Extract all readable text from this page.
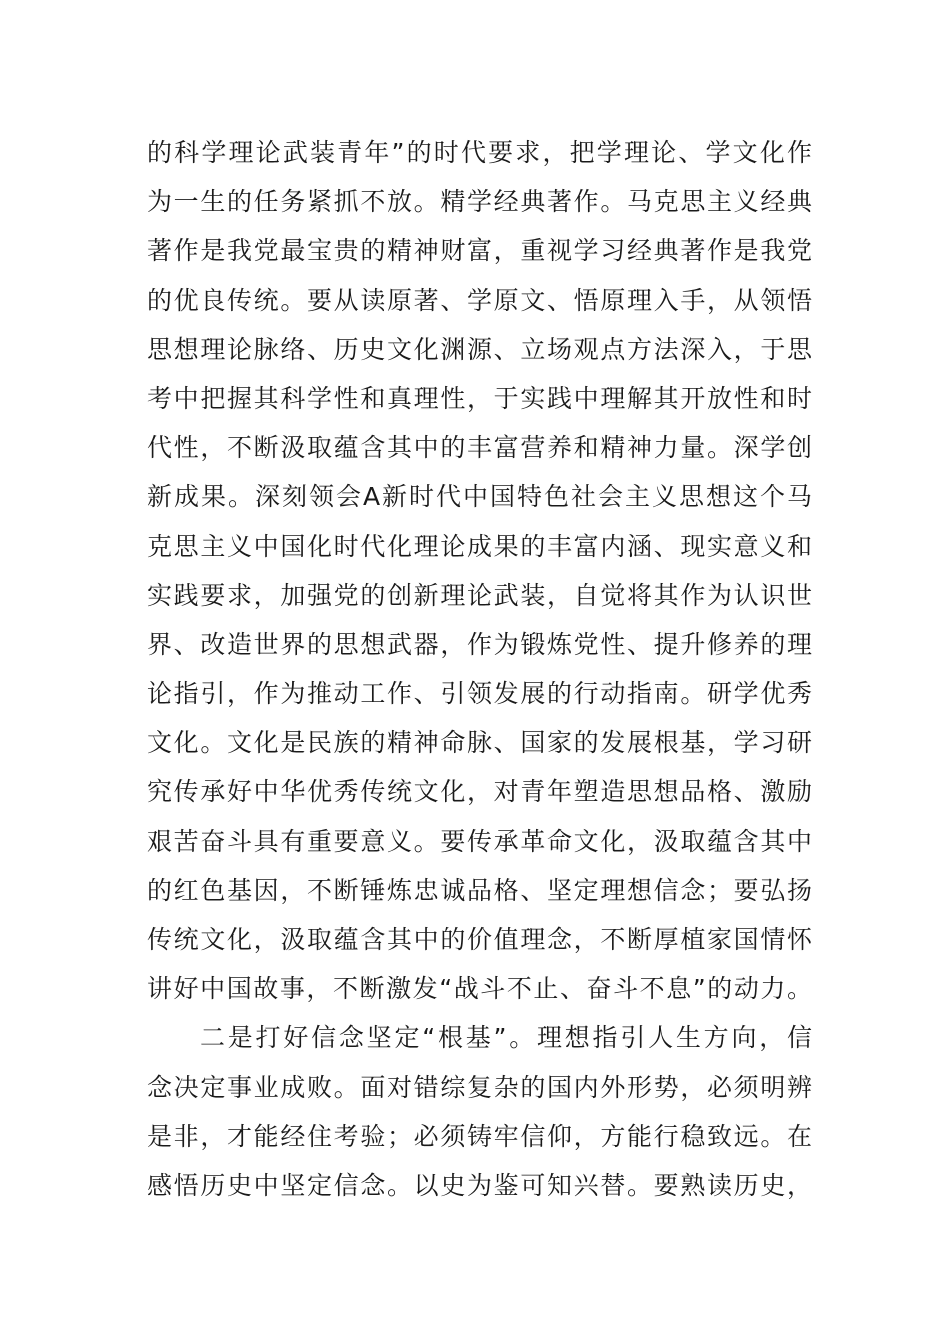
的科学理论武装青年”的时代要求，把学理论、学文化作
为一生的任务紧抓不放。精学经典著作。马克思主义经典
著作是我党最宝贵的精神财富，重视学习经典著作是我党
的优良传统。要从读原著、学原文、悟原理入手，从领悟
思想理论脉络、历史文化渊源、立场观点方法深入，于思
考中把握其科学性和真理性，于实践中理解其开放性和时
代性，不断汲取蕴含其中的丰富营养和精神力量。深学创
新成果。深刻领会A新时代中国特色社会主义思想这个马
克思主义中国化时代化理论成果的丰富内涵、现实意义和
实践要求，加强党的创新理论武装，自觉将其作为认识世
界、改造世界的思想武器，作为锻炼党性、提升修养的理
论指引，作为推动工作、引领发展的行动指南。研学优秀
文化。文化是民族的精神命脉、国家的发展根基，学习研
究传承好中华优秀传统文化，对青年塑造思想品格、激励
艰苦奋斗具有重要意义。要传承革命文化，汲取蕴含其中
的红色基因，不断锤炼忠诚品格、坚定理想信念；要弘扬
传统文化，汲取蕴含其中的价值理念，不断厚植家国情怀
讲好中国故事，不断激发“战斗不止、奋斗不息”的动力。
二是打好信念坚定“根基”。理想指引人生方向，信
念决定事业成败。面对错综复杂的国内外形势，必须明辨
是非，才能经住考验；必须铸牢信仰，方能行稳致远。在
感悟历史中坚定信念。以史为鉴可知兴替。要熟读历史，
